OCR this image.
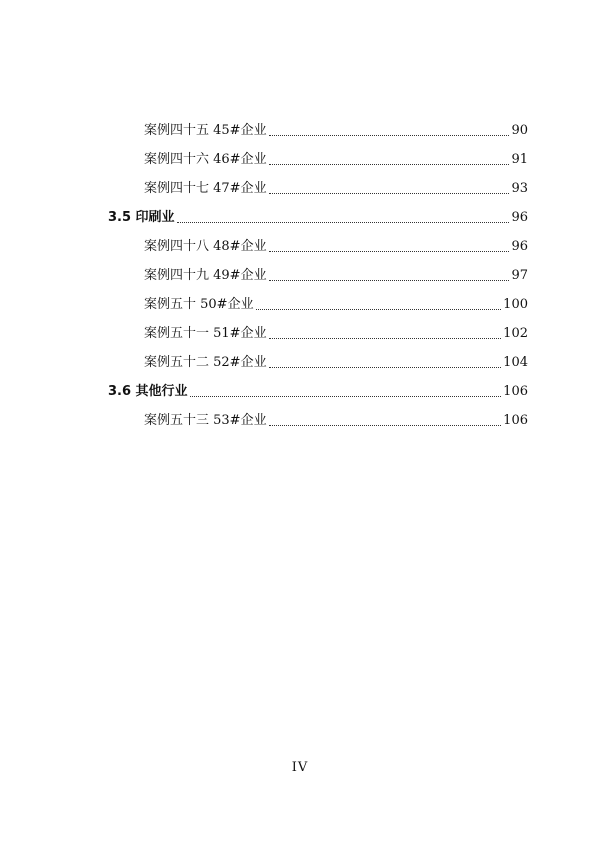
案例四十五 45#企业	90
案例四十六 46#企业	91
案例四十七 47#企业	93
3.5 印刷业	96
案例四十八 48#企业	96
案例四十九 49#企业	97
案例五十 50#企业	100
案例五十一 51#企业	102
案例五十二 52#企业	104
3.6 其他行业	106
案例五十三 53#企业	106
IV
